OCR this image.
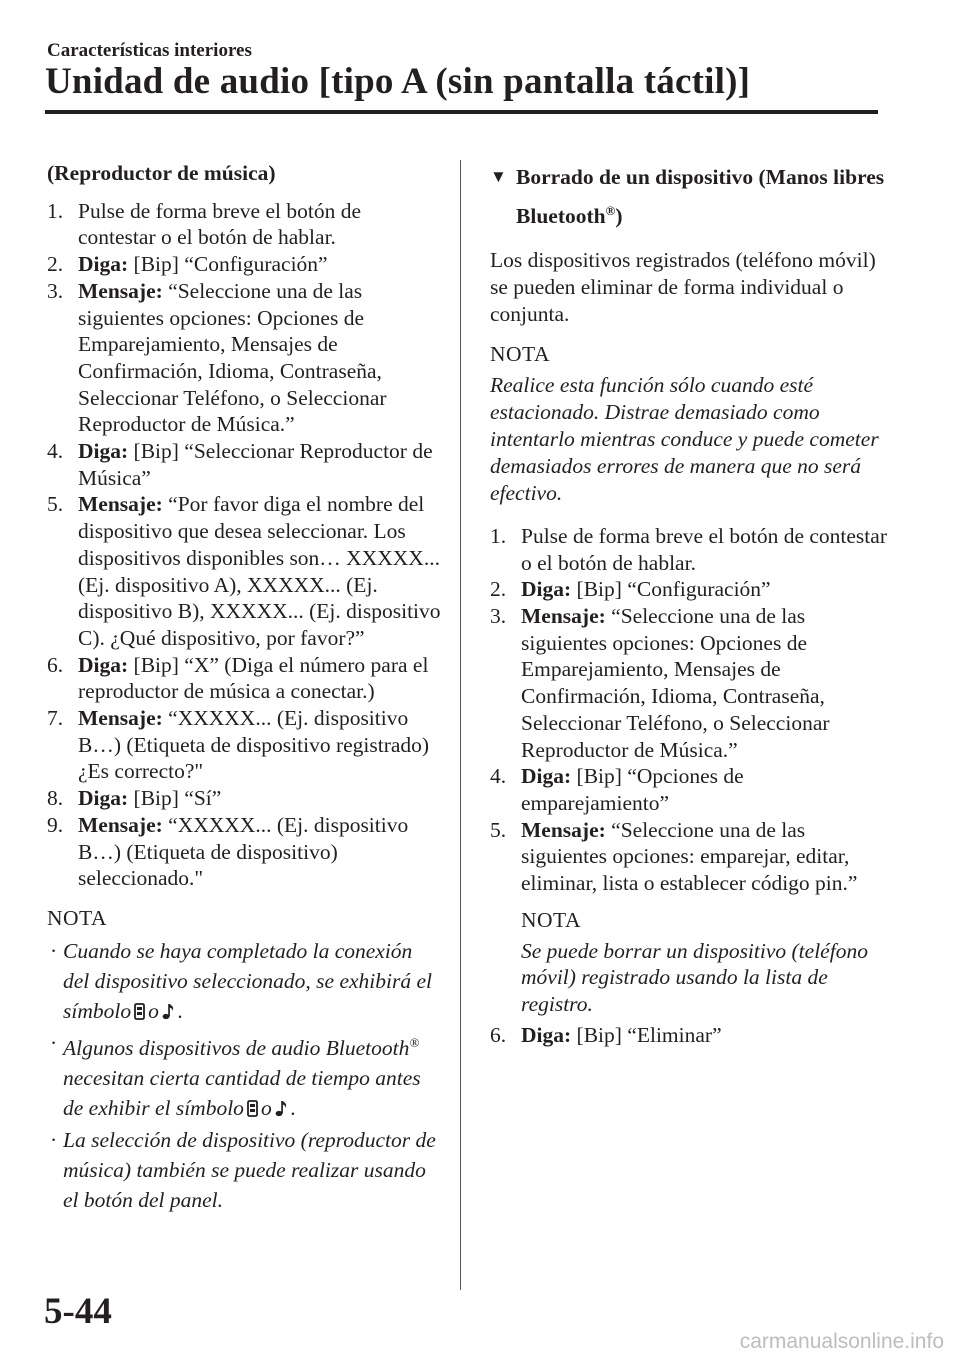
Características interiores
Unidad de audio [tipo A (sin pantalla táctil)]
(Reproductor de música)
1. Pulse de forma breve el botón de contestar o el botón de hablar.
2. Diga: [Bip] “Configuración”
3. Mensaje: “Seleccione una de las siguientes opciones: Opciones de Emparejamiento, Mensajes de Confirmación, Idioma, Contraseña, Seleccionar Teléfono, o Seleccionar Reproductor de Música.”
4. Diga: [Bip] “Seleccionar Reproductor de Música”
5. Mensaje: “Por favor diga el nombre del dispositivo que desea seleccionar. Los dispositivos disponibles son… XXXXX... (Ej. dispositivo A), XXXXX... (Ej. dispositivo B), XXXXX... (Ej. dispositivo C). ¿Qué dispositivo, por favor?”
6. Diga: [Bip] “X” (Diga el número para el reproductor de música a conectar.)
7. Mensaje: “XXXXX... (Ej. dispositivo B…) (Etiqueta de dispositivo registrado) ¿Es correcto?"
8. Diga: [Bip] “Sí”
9. Mensaje: “XXXXX... (Ej. dispositivo B…) (Etiqueta de dispositivo) seleccionado."
NOTA
· Cuando se haya completado la conexión del dispositivo seleccionado, se exhibirá el símbolo o .
· Algunos dispositivos de audio Bluetooth® necesitan cierta cantidad de tiempo antes de exhibir el símbolo o .
· La selección de dispositivo (reproductor de música) también se puede realizar usando el botón del panel.
▼ Borrado de un dispositivo (Manos libres Bluetooth®)
Los dispositivos registrados (teléfono móvil) se pueden eliminar de forma individual o conjunta.
NOTA
Realice esta función sólo cuando esté estacionado. Distrae demasiado como intentarlo mientras conduce y puede cometer demasiados errores de manera que no será efectivo.
1. Pulse de forma breve el botón de contestar o el botón de hablar.
2. Diga: [Bip] “Configuración”
3. Mensaje: “Seleccione una de las siguientes opciones: Opciones de Emparejamiento, Mensajes de Confirmación, Idioma, Contraseña, Seleccionar Teléfono, o Seleccionar Reproductor de Música.”
4. Diga: [Bip] “Opciones de emparejamiento”
5. Mensaje: “Seleccione una de las siguientes opciones: emparejar, editar, eliminar, lista o establecer código pin.”
NOTA
Se puede borrar un dispositivo (teléfono móvil) registrado usando la lista de registro.
6. Diga: [Bip] “Eliminar”
5-44
carmanualsonline.info
